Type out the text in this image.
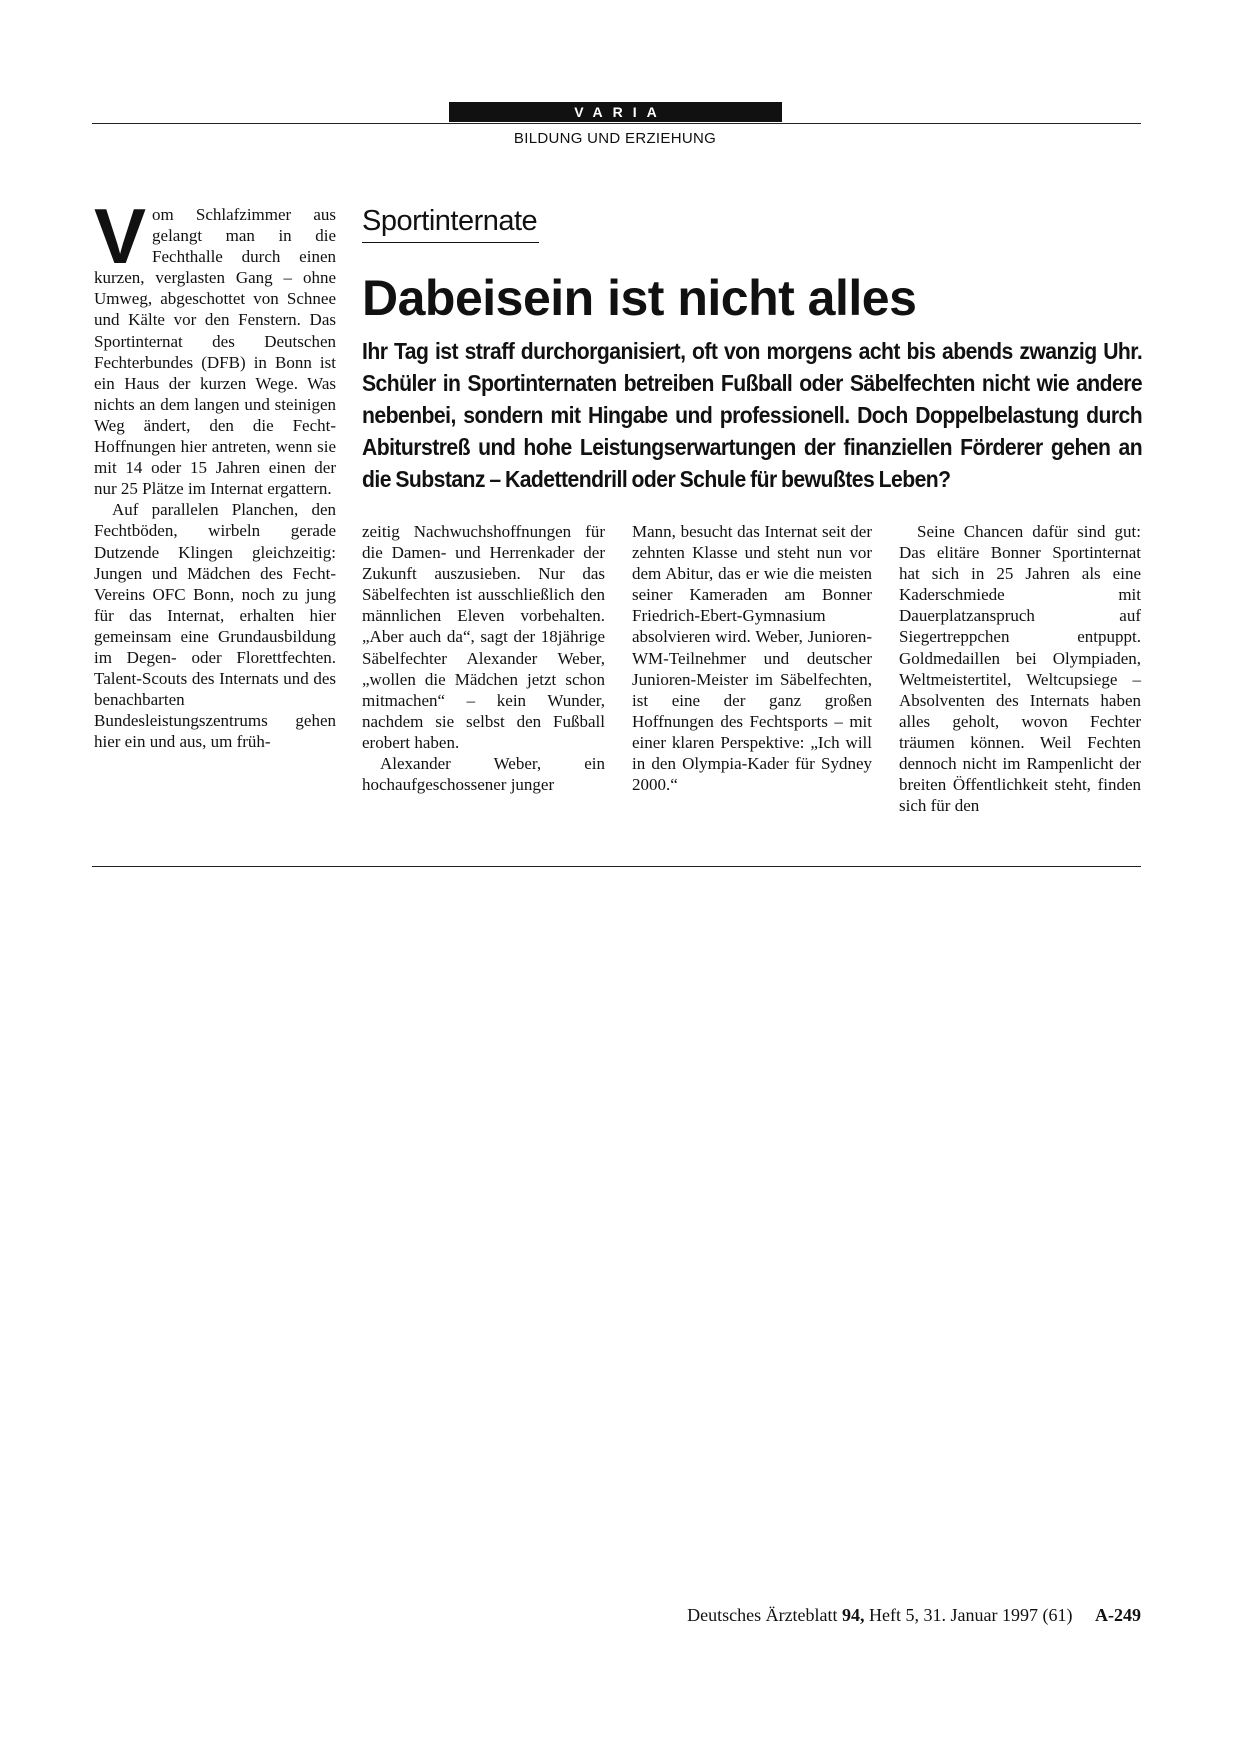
VARIA
BILDUNG UND ERZIEHUNG
Sportinternate
Dabeisein ist nicht alles

Ihr Tag ist straff durchorganisiert, oft von morgens acht bis abends zwanzig Uhr. Schüler in Sportinternaten betreiben Fußball oder Säbelfechten nicht wie andere nebenbei, sondern mit Hingabe und professionell. Doch Doppelbelastung durch Abiturstreß und hohe Leistungserwartungen der finanziellen Förderer gehen an die Substanz – Kadettendrill oder Schule für bewußtes Leben?

Vom Schlafzimmer aus gelangt man in die Fechthalle durch einen kurzen, verglasten Gang – ohne Umweg, abgeschottet von Schnee und Kälte vor den Fenstern. Das Sportinternat des Deutschen Fechterbundes (DFB) in Bonn ist ein Haus der kurzen Wege. Was nichts an dem langen und steinigen Weg ändert, den die Fecht-Hoffnungen hier antreten, wenn sie mit 14 oder 15 Jahren einen der nur 25 Plätze im Internat ergattern.

Auf parallelen Planchen, den Fechtböden, wirbeln gerade Dutzende Klingen gleichzeitig: Jungen und Mädchen des Fecht-Vereins OFC Bonn, noch zu jung für das Internat, erhalten hier gemeinsam eine Grundausbildung im Degen- oder Florettfechten. Talent-Scouts des Internats und des benachbarten Bundesleistungszentrums gehen hier ein und aus, um früh-

zeitig Nachwuchshoffnungen für die Damen- und Herrenkader der Zukunft auszusieben. Nur das Säbelfechten ist ausschließlich den männlichen Eleven vorbehalten. „Aber auch da“, sagt der 18jährige Säbelfechter Alexander Weber, „wollen die Mädchen jetzt schon mitmachen“ – kein Wunder, nachdem sie selbst den Fußball erobert haben.

Alexander Weber, ein hochaufgeschossener junger

Mann, besucht das Internat seit der zehnten Klasse und steht nun vor dem Abitur, das er wie die meisten seiner Kameraden am Bonner Friedrich-Ebert-Gymnasium absolvieren wird. Weber, Junioren-WM-Teilnehmer und deutscher Junioren-Meister im Säbelfechten, ist eine der ganz großen Hoffnungen des Fechtsports – mit einer klaren Perspektive: „Ich will in den Olympia-Kader für Sydney 2000.“

Seine Chancen dafür sind gut: Das elitäre Bonner Sportinternat hat sich in 25 Jahren als eine Kaderschmiede mit Dauerplatzanspruch auf Siegertreppchen entpuppt. Goldmedaillen bei Olympiaden, Weltmeistertitel, Weltcupsiege – Absolventen des Internats haben alles geholt, wovon Fechter träumen können. Weil Fechten dennoch nicht im Rampenlicht der breiten Öffentlichkeit steht, finden sich für den

Deutsches Ärzteblatt 94, Heft 5, 31. Januar 1997 (61) A-249
